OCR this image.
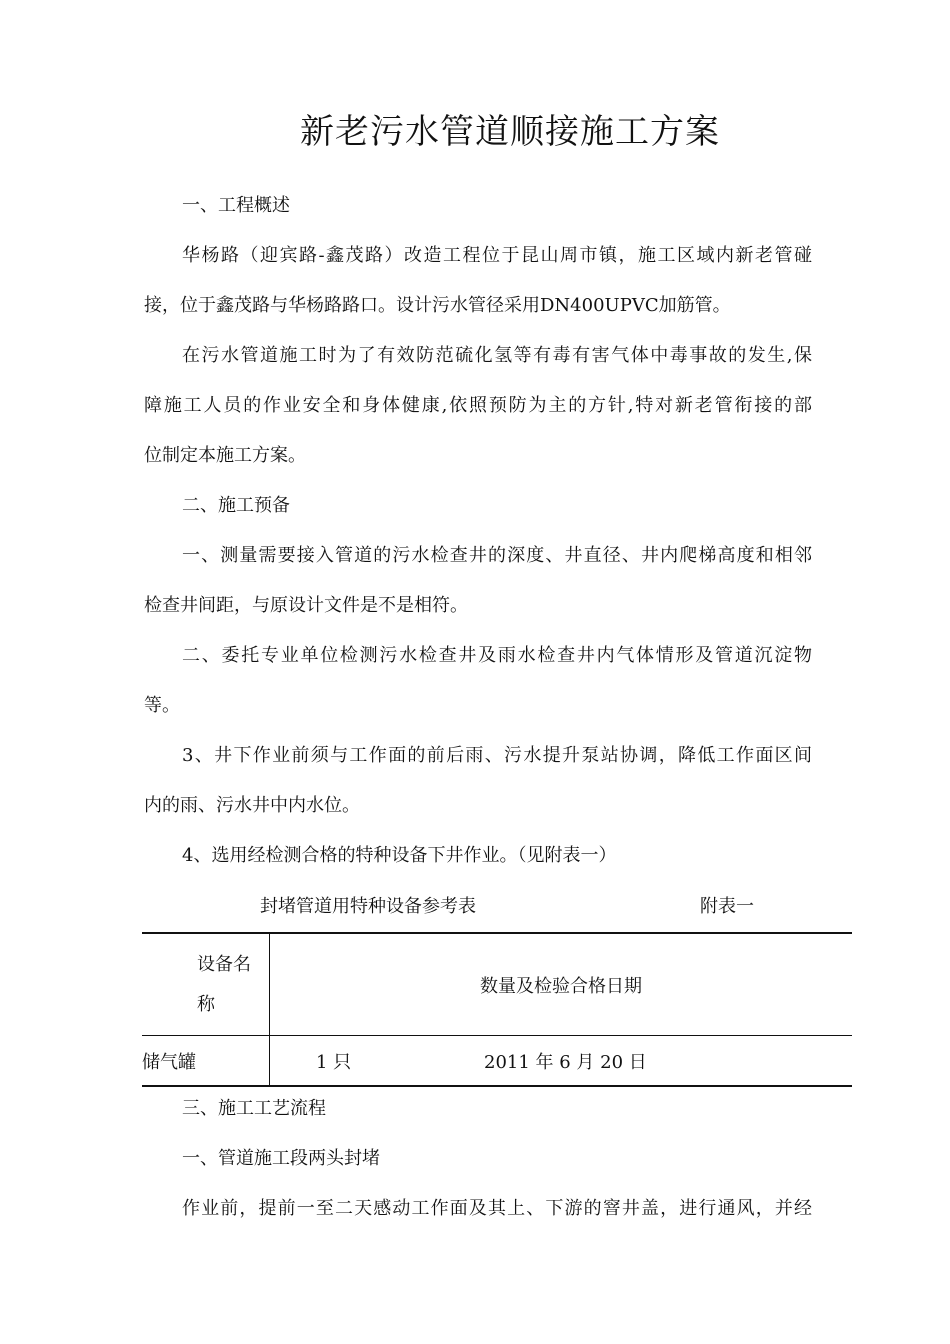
新老污水管道顺接施工方案
一、工程概述
华杨路（迎宾路-鑫茂路）改造工程位于昆山周市镇，施工区域内新老管碰
接，位于鑫茂路与华杨路路口。设计污水管径采用DN400UPVC加筋管。
在污水管道施工时为了有效防范硫化氢等有毒有害气体中毒事故的发生,保
障施工人员的作业安全和身体健康,依照预防为主的方针,特对新老管衔接的部
位制定本施工方案。
二、施工预备
一、测量需要接入管道的污水检查井的深度、井直径、井内爬梯高度和相邻
检查井间距，与原设计文件是不是相符。
二、委托专业单位检测污水检查井及雨水检查井内气体情形及管道沉淀物
等。
3、井下作业前须与工作面的前后雨、污水提升泵站协调，降低工作面区间
内的雨、污水井中内水位。
4、选用经检测合格的特种设备下井作业。（见附表一）
封堵管道用特种设备参考表	附表一
设备名
称	数量及检验合格日期
储气罐	1 只 2011 年 6 月 20 日
三、施工工艺流程
一、管道施工段两头封堵
作业前，提前一至二天感动工作面及其上、下游的窨井盖，进行通风，并经
